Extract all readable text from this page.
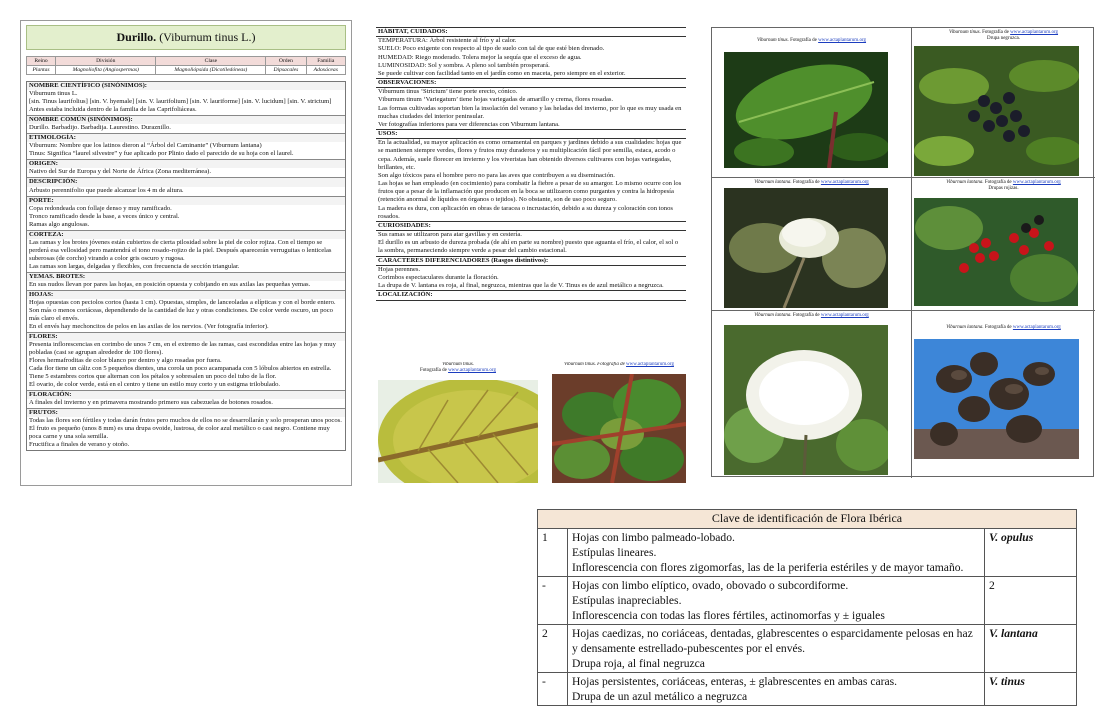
Durillo. (Viburnum tinus L.)
Reino	División	Clase	Orden	Familia
Plantas	Magnoliofita (Angiospermas)	Magnoliópsida (Dicotiledóneas)	Dipsacales	Adoxáceas
NOMBRE CIENTÍFICO (SINÓNIMOS):
Viburnum tinus L.
[sin. Tinus laurifolius] [sin. V. hyemale] [sin. V. laurifolium] [sin. V. lauriforme] [sin. V. lucidum] [sin. V. strictum]
Antes estaba incluida dentro de la familia de las Caprifoliáceas.
NOMBRE COMÚN (SINÓNIMOS):
Durillo. Barbadijo. Barbadija. Laurestino. Duraznillo.
ETIMOLOGÍA:
Viburnum: Nombre que los latinos dieron al “Árbol del Caminante” (Viburnum lantana)
Tinus: Significa “laurel silvestre” y fue aplicado por Plinio dado el parecido de su hoja con el laurel.
ORIGEN:
Nativo del Sur de Europa y del Norte de África (Zona mediterránea).
DESCRIPCIÓN:
Arbusto perennifolio que puede alcanzar los 4 m de altura.
PORTE:
Copa redondeada con follaje denso y muy ramificado.
Tronco ramificado desde la base, a veces único y central.
Ramas algo angulosas.
CORTEZA:
Las ramas y los brotes jóvenes están cubiertos de cierta pilosidad sobre la piel de color rojiza. Con el tiempo se perderá esa vellosidad pero mantendrá el tono rosado-rojizo de la piel. Después aparecerán verruguitas o lenticelas suberosas (de corcho) virando a color gris oscuro y rugosa.
Las ramas son largas, delgadas y flexibles, con frecuencia de sección triangular.
YEMAS. BROTES:
En sus nudos llevan por pares las hojas, en posición opuesta y cobijando en sus axilas las pequeñas yemas.
HOJAS:
Hojas opuestas con peciolos cortos (hasta 1 cm). Opuestas, simples, de lanceoladas a elípticas y con el borde entero.
Son más o menos coriáceas, dependiendo de la cantidad de luz y otras condiciones. De color verde oscuro, un poco más claro el envés.
En el envés hay mechoncitos de pelos en las axilas de los nervios. (Ver fotografía inferior).
FLORES:
Presenta inflorescencias en corimbo de unos 7 cm, en el extremo de las ramas, casi escondidas entre las hojas y muy pobladas (casi se agrupan alrededor de 100 flores).
Flores hermafroditas de color blanco por dentro y algo rosadas por fuera.
Cada flor tiene un cáliz con 5 pequeños dientes, una corola un poco acampanada con 5 lóbulos abiertos en estrella. Tiene 5 estambres cortos que alternan con los pétalos y sobresalen un poco del tubo de la flor.
El ovario, de color verde, está en el centro y tiene un estilo muy corto y un estigma trilobulado.
FLORACIÓN:
A finales del invierno y en primavera mostrando primero sus cabezuelas de botones rosados.
FRUTOS:
Todas las flores son fértiles y todas darán frutos pero muchos de ellos no se desarrollarán y solo prosperan unos pocos.
El fruto es pequeño (unos 8 mm) es una drupa ovoide, lustrosa, de color azul metálico o casi negro. Contiene muy poca carne y una sola semilla.
Fructifica a finales de verano y otoño.
HÁBITAT, CUIDADOS:
TEMPERATURA: Árbol resistente al frío y al calor.
SUELO: Poco exigente con respecto al tipo de suelo con tal de que esté bien drenado.
HUMEDAD: Riego moderado. Tolera mejor la sequía que el exceso de agua.
LUMINOSIDAD: Sol y sombra. A pleno sol también prosperará.
Se puede cultivar con facilidad tanto en el jardín como en maceta, pero siempre en el exterior.
OBSERVACIONES:
Viburnum tinus ‘Strictum’ tiene porte erecto, cónico.
Viburnum tinum ‘Variegatum’ tiene hojas variegadas de amarillo y crema, flores rosadas.
Las formas cultivadas soportan bien la insolación del verano y las heladas del invierno, por lo que es muy usada en muchas ciudades del interior peninsular.
Ver fotografías inferiores para ver diferencias con Viburnum lantana.
USOS:
En la actualidad, su mayor aplicación es como ornamental en parques y jardines debido a sus cualidades: hojas que se mantienen siempre verdes, flores y frutos muy duraderos y su multiplicación fácil por semilla, estaca, acodo o cepa. Además, suele florecer en invierno y los viveristas han obtenido diversos cultivares con hojas variegadas, brillantes, etc.
Son algo tóxicos para el hombre pero no para las aves que contribuyen a su diseminación.
Las hojas se han empleado (en cocimiento) para combatir la fiebre a pesar de su amargor. Lo mismo ocurre con los frutos que a pesar de la inflamación que producen en la boca se utilizaron como purgantes y contra la hidropesía (retención anormal de líquidos en órganos o tejidos). No obstante, son de uso poco seguro.
La madera es dura, con aplicación en obras de taracea o incrustación, debido a su dureza y coloración con tonos rosados.
CURIOSIDADES:
Sus ramas se utilizaron para atar gavillas y en cestería.
El durillo es un arbusto de dureza probada (de ahí en parte su nombre) puesto que aguanta el frío, el calor, el sol o la sombra, permaneciendo siempre verde a pesar del cambio estacional.
CARACTERES DIFERENCIADORES (Rasgos distintivos):
Hojas perennes.
Corimbos espectaculares durante la floración.
La drupa de V. lantana es roja, al final, negruzca, mientras que la de V. Tinus es de azul metálico a negruzca.
LOCALIZACIÓN:
Viburnum tinus.
Fotografía de www.actaplantarum.org
Viburnum tinus. Fotografía de www.actaplantarum.org
Viburnum tinus. Fotografía de www.actaplantarum.org
Viburnum tinus. Fotografía de www.actaplantarum.org
Drupa negruzca.
Viburnum lantana. Fotografía de www.actaplantarum.org	Viburnum lantana. Fotografía de www.actaplantarum.org
Drupas rojizas.
Viburnum lantana. Fotografía de www.actaplantarum.org
Viburnum lantana. Fotografía de www.actaplantarum.org
Clave de identificación de Flora Ibérica		
1	Hojas con limbo palmeado-lobado.
Estípulas lineares.
Inflorescencia con flores zigomorfas, las de la periferia estériles y de mayor tamaño.	V. opulus
-	Hojas con limbo elíptico, ovado, obovado o subcordiforme.
Estípulas inapreciables.
Inflorescencia con todas las flores fértiles, actinomorfas y ± iguales	2
2	Hojas caedizas, no coriáceas, dentadas, glabrescentes o esparcidamente pelosas en haz y densamente estrellado-pubescentes por el envés.
Drupa roja, al final negruzca	V. lantana
-	Hojas persistentes, coriáceas, enteras, ± glabrescentes en ambas caras.
Drupa de un azul metálico a negruzca	V. tinus
